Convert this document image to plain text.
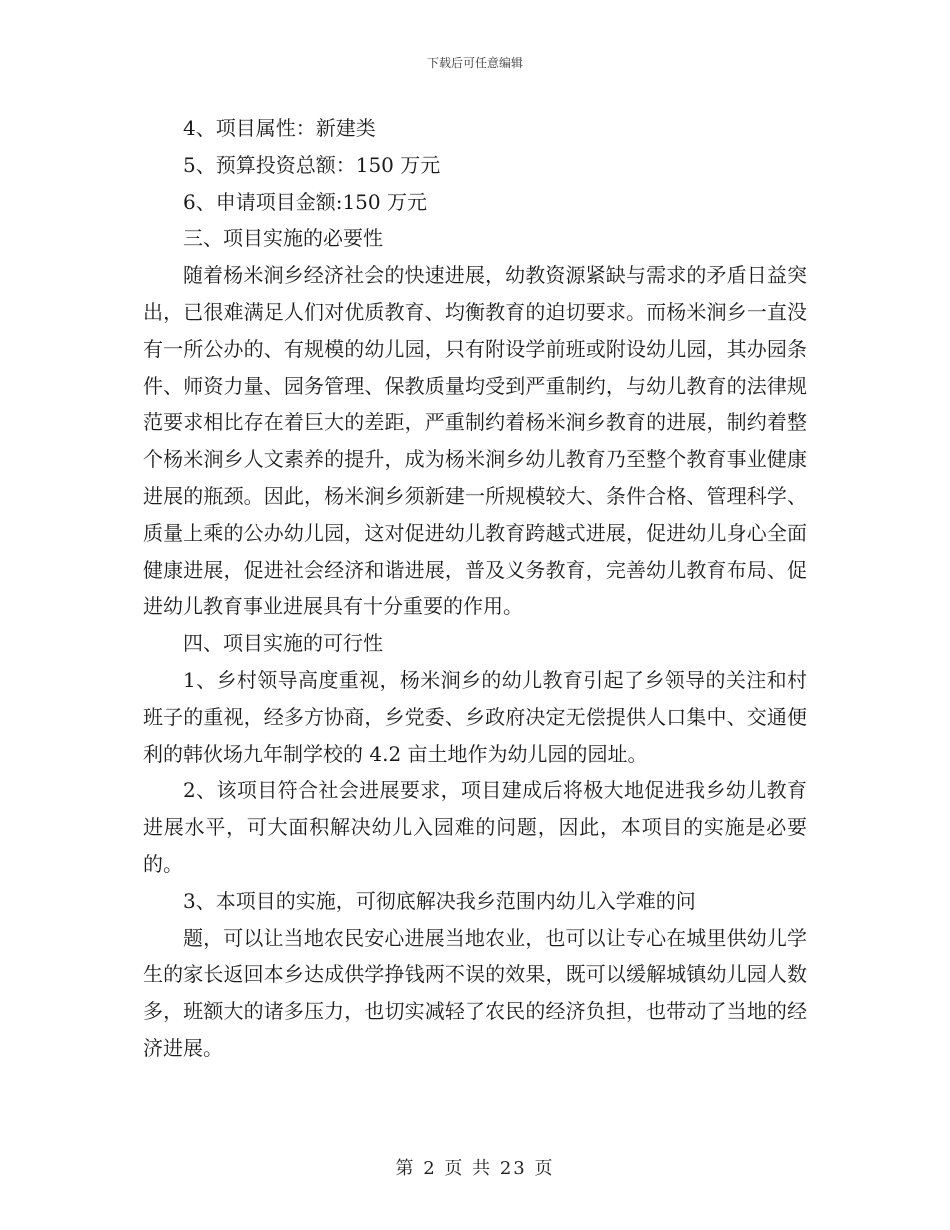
下载后可任意编辑

4、项目属性：新建类

5、预算投资总额：150 万元

6、申请项目金额:150 万元

三、项目实施的必要性

随着杨米涧乡经济社会的快速进展，幼教资源紧缺与需求的矛盾日益突出，已很难满足人们对优质教育、均衡教育的迫切要求。而杨米涧乡一直没有一所公办的、有规模的幼儿园，只有附设学前班或附设幼儿园，其办园条件、师资力量、园务管理、保教质量均受到严重制约，与幼儿教育的法律规范要求相比存在着巨大的差距，严重制约着杨米涧乡教育的进展，制约着整个杨米涧乡人文素养的提升，成为杨米涧乡幼儿教育乃至整个教育事业健康进展的瓶颈。因此，杨米涧乡须新建一所规模较大、条件合格、管理科学、质量上乘的公办幼儿园，这对促进幼儿教育跨越式进展，促进幼儿身心全面健康进展，促进社会经济和谐进展，普及义务教育，完善幼儿教育布局、促进幼儿教育事业进展具有十分重要的作用。

四、项目实施的可行性

1、乡村领导高度重视，杨米涧乡的幼儿教育引起了乡领导的关注和村班子的重视，经多方协商，乡党委、乡政府决定无偿提供人口集中、交通便利的韩伙场九年制学校的 4.2 亩土地作为幼儿园的园址。

2、该项目符合社会进展要求，项目建成后将极大地促进我乡幼儿教育进展水平，可大面积解决幼儿入园难的问题，因此，本项目的实施是必要的。

3、本项目的实施，可彻底解决我乡范围内幼儿入学难的问

题，可以让当地农民安心进展当地农业，也可以让专心在城里供幼儿学生的家长返回本乡达成供学挣钱两不误的效果，既可以缓解城镇幼儿园人数多，班额大的诸多压力，也切实减轻了农民的经济负担，也带动了当地的经济进展。

第 2 页 共 23 页
